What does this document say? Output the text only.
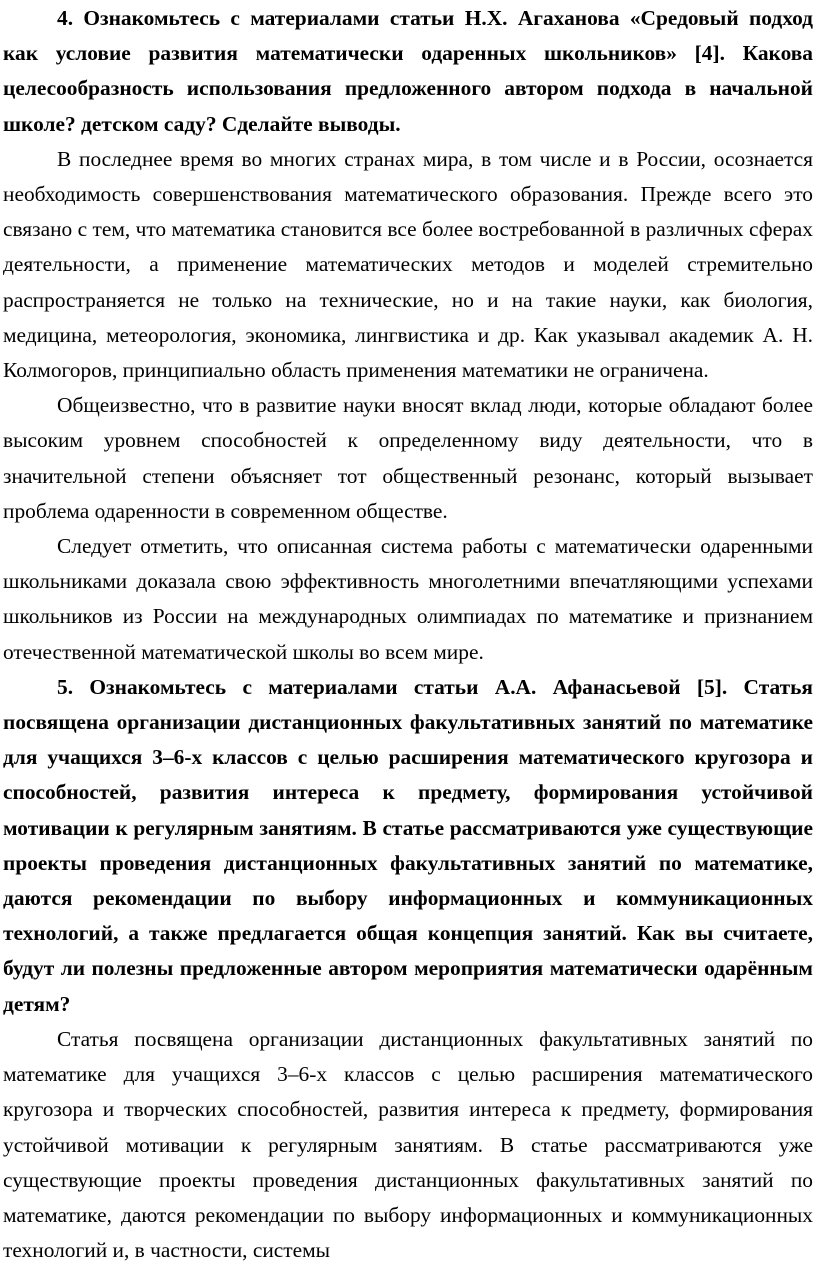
4. Ознакомьтесь с материалами статьи Н.Х. Агаханова «Средовый подход как условие развития математически одаренных школьников» [4]. Какова целесообразность использования предложенного автором подхода в начальной школе? детском саду? Сделайте выводы.

В последнее время во многих странах мира, в том числе и в России, осознается необходимость совершенствования математического образования. Прежде всего это связано с тем, что математика становится все более востребованной в различных сферах деятельности, а применение математических методов и моделей стремительно распространяется не только на технические, но и на такие науки, как биология, медицина, метеорология, экономика, лингвистика и др. Как указывал академик А. Н. Колмогоров, принципиально область применения математики не ограничена.

Общеизвестно, что в развитие науки вносят вклад люди, которые обладают более высоким уровнем способностей к определенному виду деятельности, что в значительной степени объясняет тот общественный резонанс, который вызывает проблема одаренности в современном обществе.

Следует отметить, что описанная система работы с математически одаренными школьниками доказала свою эффективность многолетними впечатляющими успехами школьников из России на международных олимпиадах по математике и признанием отечественной математической школы во всем мире.

5. Ознакомьтесь с материалами статьи А.А. Афанасьевой [5]. Статья посвящена организации дистанционных факультативных занятий по математике для учащихся 3–6-х классов с целью расширения математического кругозора и способностей, развития интереса к предмету, формирования устойчивой мотивации к регулярным занятиям. В статье рассматриваются уже существующие проекты проведения дистанционных факультативных занятий по математике, даются рекомендации по выбору информационных и коммуникационных технологий, а также предлагается общая концепция занятий. Как вы считаете, будут ли полезны предложенные автором мероприятия математически одарённым детям?

Статья посвящена организации дистанционных факультативных занятий по математике для учащихся 3–6-х классов с целью расширения математического кругозора и творческих способностей, развития интереса к предмету, формирования устойчивой мотивации к регулярным занятиям. В статье рассматриваются уже существующие проекты проведения дистанционных факультативных занятий по математике, даются рекомендации по выбору информационных и коммуникационных технологий и, в частности, системы
